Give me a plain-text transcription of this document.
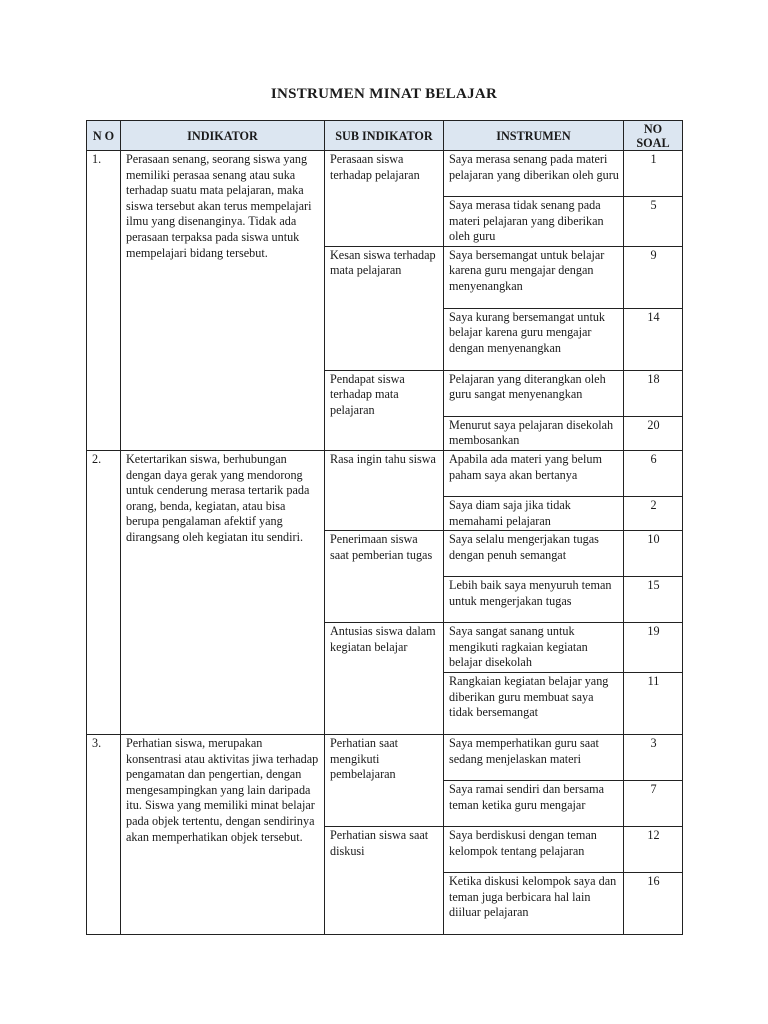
INSTRUMEN MINAT BELAJAR
N O	INDIKATOR	SUB INDIKATOR	INSTRUMEN	NO SOAL
1.	Perasaan senang, seorang siswa yang memiliki perasaa senang atau suka terhadap suatu mata pelajaran, maka siswa tersebut akan terus mempelajari ilmu yang disenanginya. Tidak ada perasaan terpaksa pada siswa untuk mempelajari bidang tersebut.	Perasaan siswa terhadap pelajaran	Saya merasa senang pada materi pelajaran yang diberikan oleh guru	1
			Saya merasa tidak senang pada materi pelajaran yang diberikan oleh guru	5
		Kesan siswa terhadap mata pelajaran	Saya bersemangat untuk belajar karena guru mengajar dengan menyenangkan	9
			Saya kurang bersemangat untuk belajar karena guru mengajar dengan menyenangkan	14
		Pendapat siswa terhadap mata pelajaran	Pelajaran yang diterangkan oleh guru sangat menyenangkan	18
			Menurut saya pelajaran disekolah membosankan	20
2.	Ketertarikan siswa, berhubungan dengan daya gerak yang mendorong untuk cenderung merasa tertarik pada orang, benda, kegiatan, atau bisa berupa pengalaman afektif yang dirangsang oleh kegiatan itu sendiri.	Rasa ingin tahu siswa	Apabila ada materi yang belum paham saya akan bertanya	6
			Saya diam saja jika tidak memahami pelajaran	2
		Penerimaan siswa saat pemberian tugas	Saya selalu mengerjakan tugas dengan penuh semangat	10
			Lebih baik saya menyuruh teman untuk mengerjakan tugas	15
		Antusias siswa dalam kegiatan belajar	Saya sangat sanang untuk mengikuti ragkaian kegiatan belajar disekolah	19
			Rangkaian kegiatan belajar yang diberikan guru membuat saya tidak bersemangat	11
3.	Perhatian siswa, merupakan konsentrasi atau aktivitas jiwa terhadap pengamatan dan pengertian, dengan mengesampingkan yang lain daripada itu. Siswa yang memiliki minat belajar pada objek tertentu, dengan sendirinya akan memperhatikan objek tersebut.	Perhatian saat mengikuti pembelajaran	Saya memperhatikan guru saat sedang menjelaskan materi	3
			Saya ramai sendiri dan bersama teman ketika guru mengajar	7
		Perhatian siswa saat diskusi	Saya berdiskusi dengan teman kelompok tentang pelajaran	12
			Ketika diskusi kelompok saya dan teman juga berbicara hal lain diiluar pelajaran	16
